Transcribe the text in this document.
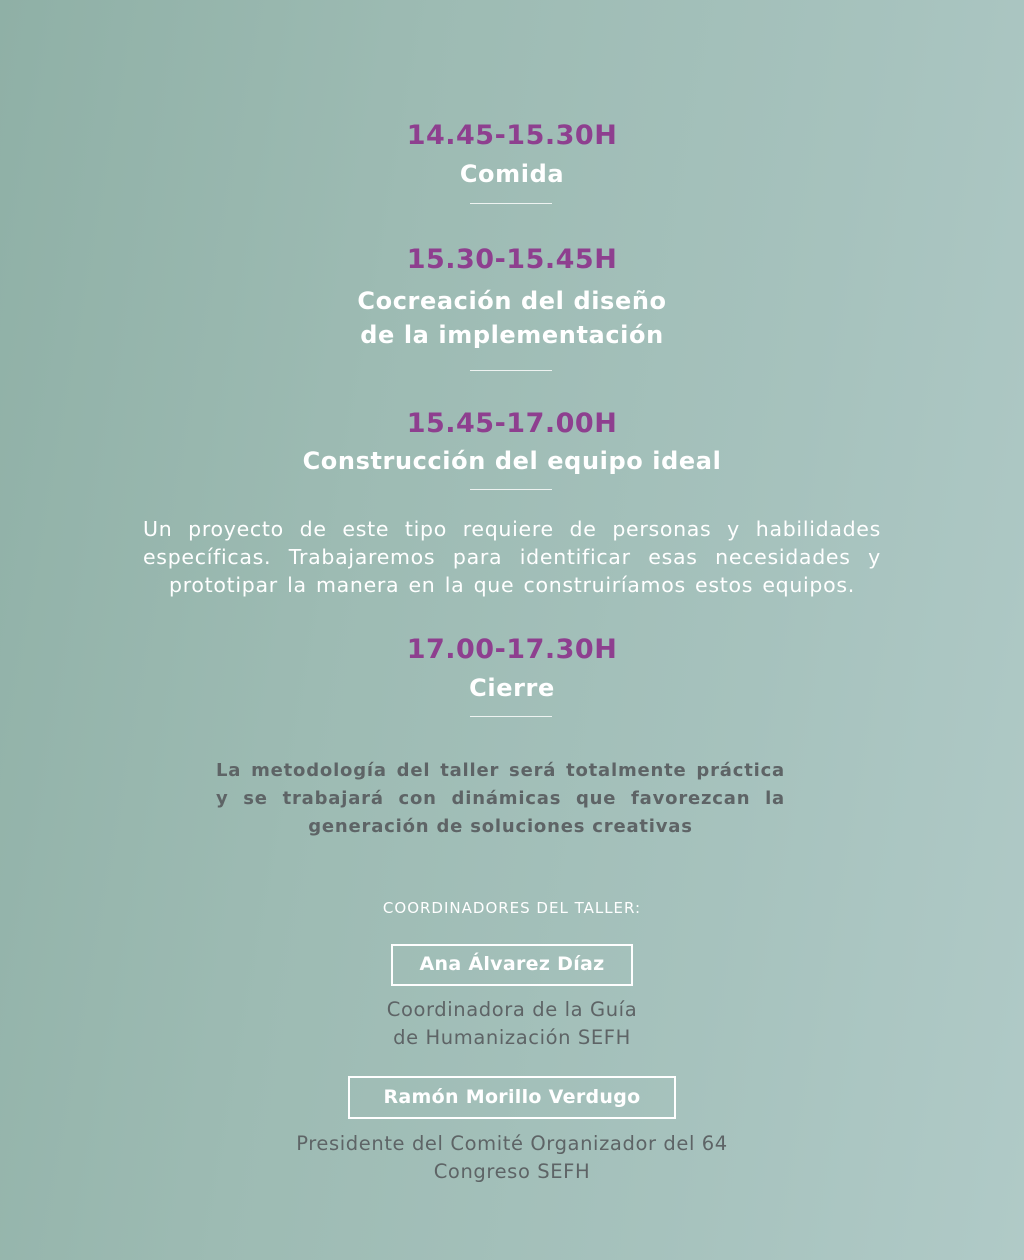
14.45-15.30H
Comida
15.30-15.45H
Cocreación del diseño
de la implementación
15.45-17.00H
Construcción del equipo ideal
Un proyecto de este tipo requiere de personas y habilidades
específicas. Trabajaremos para identificar esas necesidades y
prototipar la manera en la que construiríamos estos equipos.
17.00-17.30H
Cierre
La metodología del taller será totalmente práctica
y se trabajará con dinámicas que favorezcan la
generación de soluciones creativas
COORDINADORES DEL TALLER:
Ana Álvarez Díaz
Coordinadora de la Guía
de Humanización SEFH
Ramón Morillo Verdugo
Presidente del Comité Organizador del 64
Congreso SEFH
